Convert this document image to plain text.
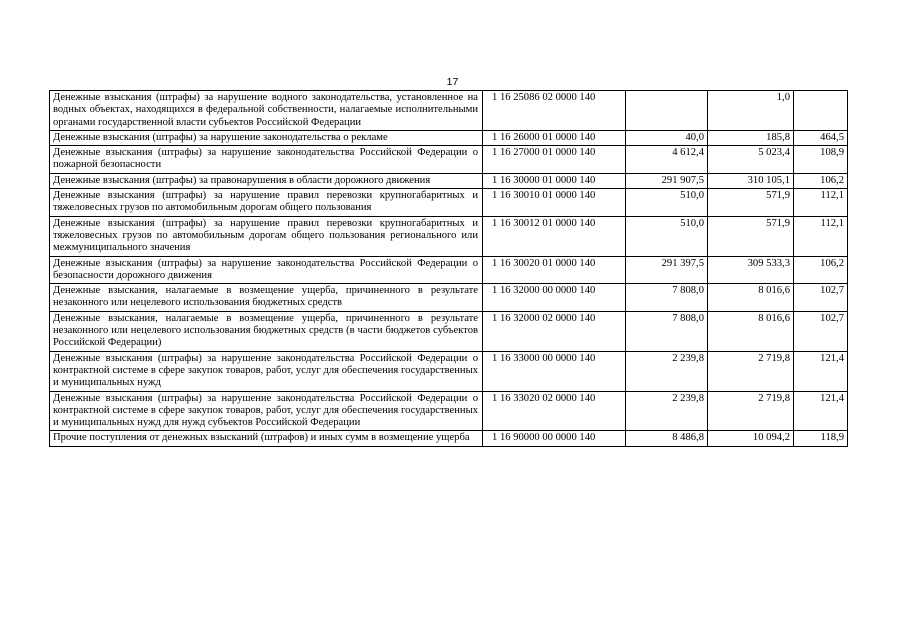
17
Денежные взыскания (штрафы) за нарушение водного законодательства, установленное на водных объектах, находящихся в федеральной собственности, налагаемые исполнительными органами государственной власти субъектов Российской Федерации	1 16 25086 02 0000 140		1,0	
Денежные взыскания (штрафы) за нарушение законодательства о рекламе	1 16 26000 01 0000 140	40,0	185,8	464,5
Денежные взыскания (штрафы) за нарушение законодательства Российской Федерации о пожарной безопасности	1 16 27000 01 0000 140	4 612,4	5 023,4	108,9
Денежные взыскания (штрафы) за правонарушения в области дорожного движения	1 16 30000 01 0000 140	291 907,5	310 105,1	106,2
Денежные взыскания (штрафы) за нарушение правил перевозки крупногабаритных и тяжеловесных грузов по автомобильным дорогам общего пользования	1 16 30010 01 0000 140	510,0	571,9	112,1
Денежные взыскания (штрафы) за нарушение правил перевозки крупногабаритных и тяжеловесных грузов по автомобильным дорогам общего пользования регионального или межмуниципального значения	1 16 30012 01 0000 140	510,0	571,9	112,1
Денежные взыскания (штрафы) за нарушение законодательства Российской Федерации о безопасности дорожного движения	1 16 30020 01 0000 140	291 397,5	309 533,3	106,2
Денежные взыскания, налагаемые в возмещение ущерба, причиненного в результате незаконного или нецелевого использования бюджетных средств	1 16 32000 00 0000 140	7 808,0	8 016,6	102,7
Денежные взыскания, налагаемые в возмещение ущерба, причиненного в результате незаконного или нецелевого использования бюджетных средств (в части бюджетов субъектов Российской Федерации)	1 16 32000 02 0000 140	7 808,0	8 016,6	102,7
Денежные взыскания (штрафы) за нарушение законодательства Российской Федерации о контрактной системе в сфере закупок товаров, работ, услуг для обеспечения государственных и муниципальных нужд	1 16 33000 00 0000 140	2 239,8	2 719,8	121,4
Денежные взыскания (штрафы) за нарушение законодательства Российской Федерации о контрактной системе в сфере закупок товаров, работ, услуг для обеспечения государственных и муниципальных нужд для нужд субъектов Российской Федерации	1 16 33020 02 0000 140	2 239,8	2 719,8	121,4
Прочие поступления от денежных взысканий (штрафов) и иных сумм в возмещение ущерба	1 16 90000 00 0000 140	8 486,8	10 094,2	118,9
